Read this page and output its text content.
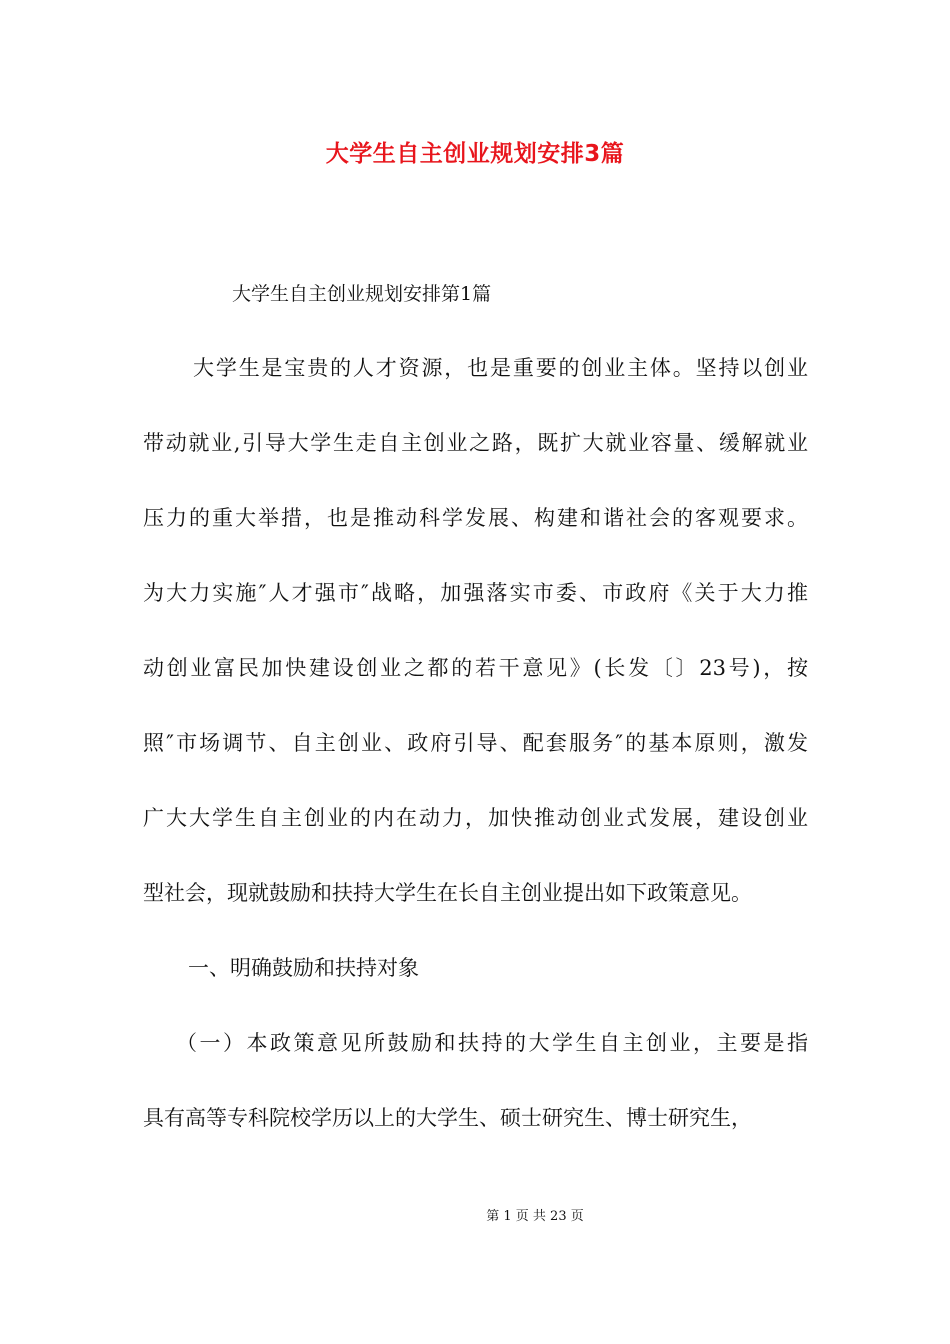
大学生自主创业规划安排3篇
大学生自主创业规划安排第1篇
大学生是宝贵的人才资源，也是重要的创业主体。坚持以创业
带动就业,引导大学生走自主创业之路，既扩大就业容量、缓解就业
压力的重大举措，也是推动科学发展、构建和谐社会的客观要求。
为大力实施″人才强市″战略，加强落实市委、市政府《关于大力推
动创业富民加快建设创业之都的若干意见》(长发〔〕23号)，按
照″市场调节、自主创业、政府引导、配套服务″的基本原则，激发
广大大学生自主创业的内在动力，加快推动创业式发展，建设创业
型社会，现就鼓励和扶持大学生在长自主创业提出如下政策意见。
一、明确鼓励和扶持对象
（一）本政策意见所鼓励和扶持的大学生自主创业，主要是指
具有高等专科院校学历以上的大学生、硕士研究生、博士研究生，
第 1 页 共 23 页
